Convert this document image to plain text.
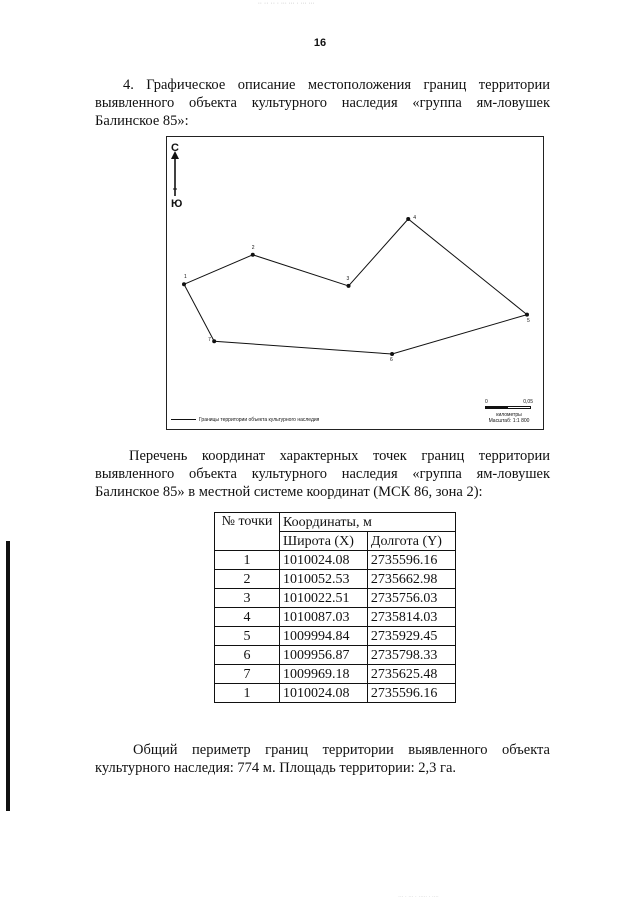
∙∙ ·· ·· ∙ ∙∙∙ ∙∙∙ · ∙∙∙ ∙∙∙
16

4. Графическое описание местоположения границ территории выявленного объекта культурного наследия «группа ям-ловушек Балинское 85»:

С
Ю
1
2
3
4
5
6
7
Границы территории объекта культурного наследия
0	0,05
километры
Масштаб: 1:1 800

Перечень координат характерных точек границ территории выявленного объекта культурного наследия «группа ям-ловушек Балинское 85» в местной системе координат (МСК 86, зона 2):

№ точки	Координаты, м	
	Широта (X)	Долгота (Y)
1	1010024.08	2735596.16
2	1010052.53	2735662.98
3	1010022.51	2735756.03
4	1010087.03	2735814.03
5	1009994.84	2735929.45
6	1009956.87	2735798.33
7	1009969.18	2735625.48
1	1010024.08	2735596.16

Общий периметр границ территории выявленного объекта культурного наследия: 774 м. Площадь территории: 2,3 га.

·∙∙ ∙ ∙∙∙ ∙ ·∙∙∙∙ ∙ ∙∙∙∙
